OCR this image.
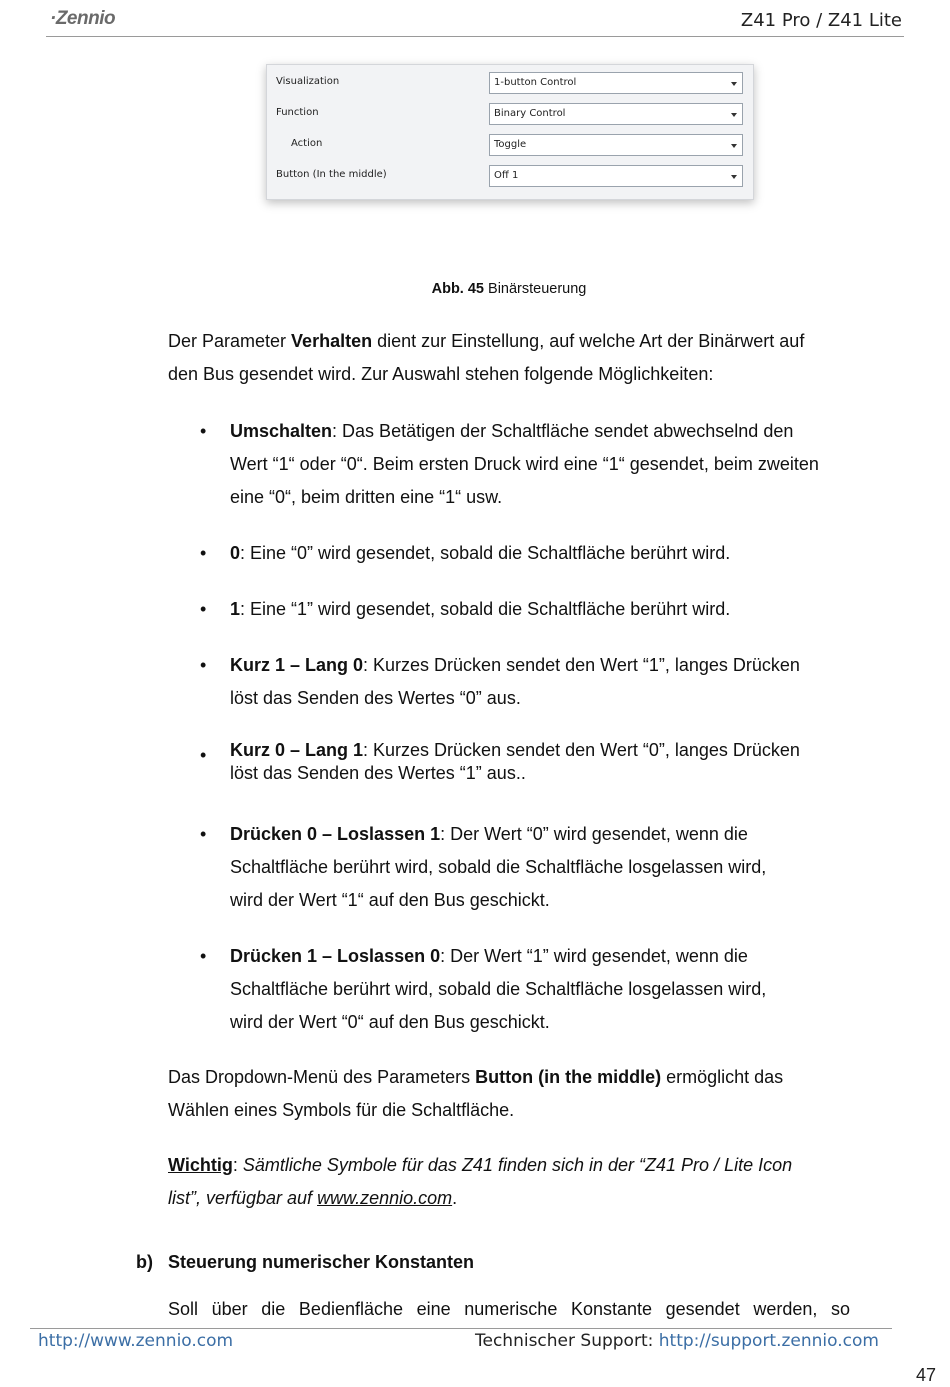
·Zennio	Z41 Pro / Z41 Lite
Visualization	1-button Control
Function	Binary Control
Action	Toggle
Button (In the middle)	Off 1
Abb. 45 Binärsteuerung
Der Parameter Verhalten dient zur Einstellung, auf welche Art der Binärwert auf
den Bus gesendet wird. Zur Auswahl stehen folgende Möglichkeiten:
• Umschalten: Das Betätigen der Schaltfläche sendet abwechselnd den
Wert “1“ oder “0“. Beim ersten Druck wird eine “1“ gesendet, beim zweiten
eine “0“, beim dritten eine “1“ usw.
• 0: Eine “0” wird gesendet, sobald die Schaltfläche berührt wird.
• 1: Eine “1” wird gesendet, sobald die Schaltfläche berührt wird.
• Kurz 1 – Lang 0: Kurzes Drücken sendet den Wert “1”, langes Drücken
löst das Senden des Wertes “0” aus.
• Kurz 0 – Lang 1: Kurzes Drücken sendet den Wert “0”, langes Drücken
löst das Senden des Wertes “1” aus..
• Drücken 0 – Loslassen 1: Der Wert “0” wird gesendet, wenn die
Schaltfläche berührt wird, sobald die Schaltfläche losgelassen wird,
wird der Wert “1“ auf den Bus geschickt.
• Drücken 1 – Loslassen 0: Der Wert “1” wird gesendet, wenn die
Schaltfläche berührt wird, sobald die Schaltfläche losgelassen wird,
wird der Wert “0“ auf den Bus geschickt.
Das Dropdown-Menü des Parameters Button (in the middle) ermöglicht das
Wählen eines Symbols für die Schaltfläche.
Wichtig: Sämtliche Symbole für das Z41 finden sich in der “Z41 Pro / Lite Icon
list”, verfügbar auf www.zennio.com.
b) Steuerung numerischer Konstanten
Soll über die Bedienfläche eine numerische Konstante gesendet werden, so
http://www.zennio.com	Technischer Support: http://support.zennio.com
47
